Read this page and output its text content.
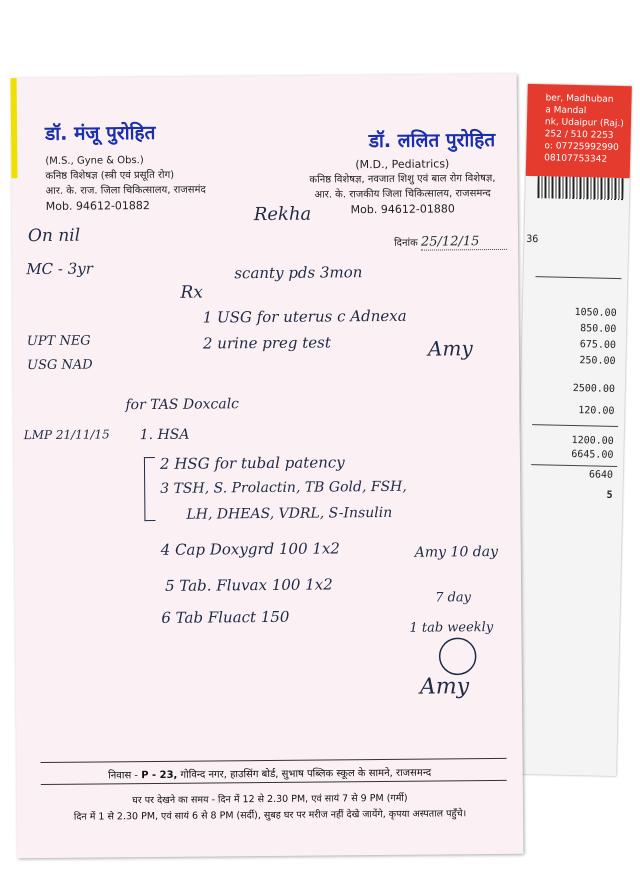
ber, Madhuban
a Mandal
nk, Udaipur (Raj.)
252 / 510 2253
o: 07725992990
08107753342
36
1050.00
850.00
675.00
250.00
2500.00
120.00
1200.00
6645.00
6640
5
डॉ. मंजू पुरोहित
(M.S., Gyne & Obs.)
कनिष्ठ विशेषज्ञ (स्त्री एवं प्रसूति रोग)
आर. के. राज. जिला चिकित्सालय, राजसमंद
Mob. 94612-01882
डॉ. ललित पुरोहित
(M.D., Pediatrics)
कनिष्ठ विशेषज्ञ, नवजात शिशु एवं बाल रोग विशेषज्ञ,
आर. के. राजकीय जिला चिकित्सालय, राजसमन्द
Mob. 94612-01880
दिनांक 25/12/15
Rekha
On nil
MC - 3yr
UPT NEG
USG NAD
LMP 21/11/15
scanty pds 3mon
Rx
1 USG for uterus c Adnexa
2 urine preg test	Amy
for TAS Doxcalc
1. HSA
2 HSG for tubal patency
3 TSH, S. Prolactin, TB Gold, FSH,
LH, DHEAS, VDRL, S-Insulin
4 Cap Doxygrd 100 1x2	Amy 10 day
5 Tab. Fluvax 100 1x2
7 day
6 Tab Fluact 150
1 tab weekly
Amy
निवास - P - 23, गोविन्द नगर, हाउसिंग बोर्ड, सुभाष पब्लिक स्कूल के सामने, राजसमन्द
घर पर देखने का समय - दिन में 12 से 2.30 PM, एवं सायं 7 से 9 PM (गर्मी)
दिन में 1 से 2.30 PM, एवं सायं 6 से 8 PM (सर्दी), सुबह घर पर मरीज नहीं देखे जायेंगे, कृपया अस्पताल पहुँचे।
